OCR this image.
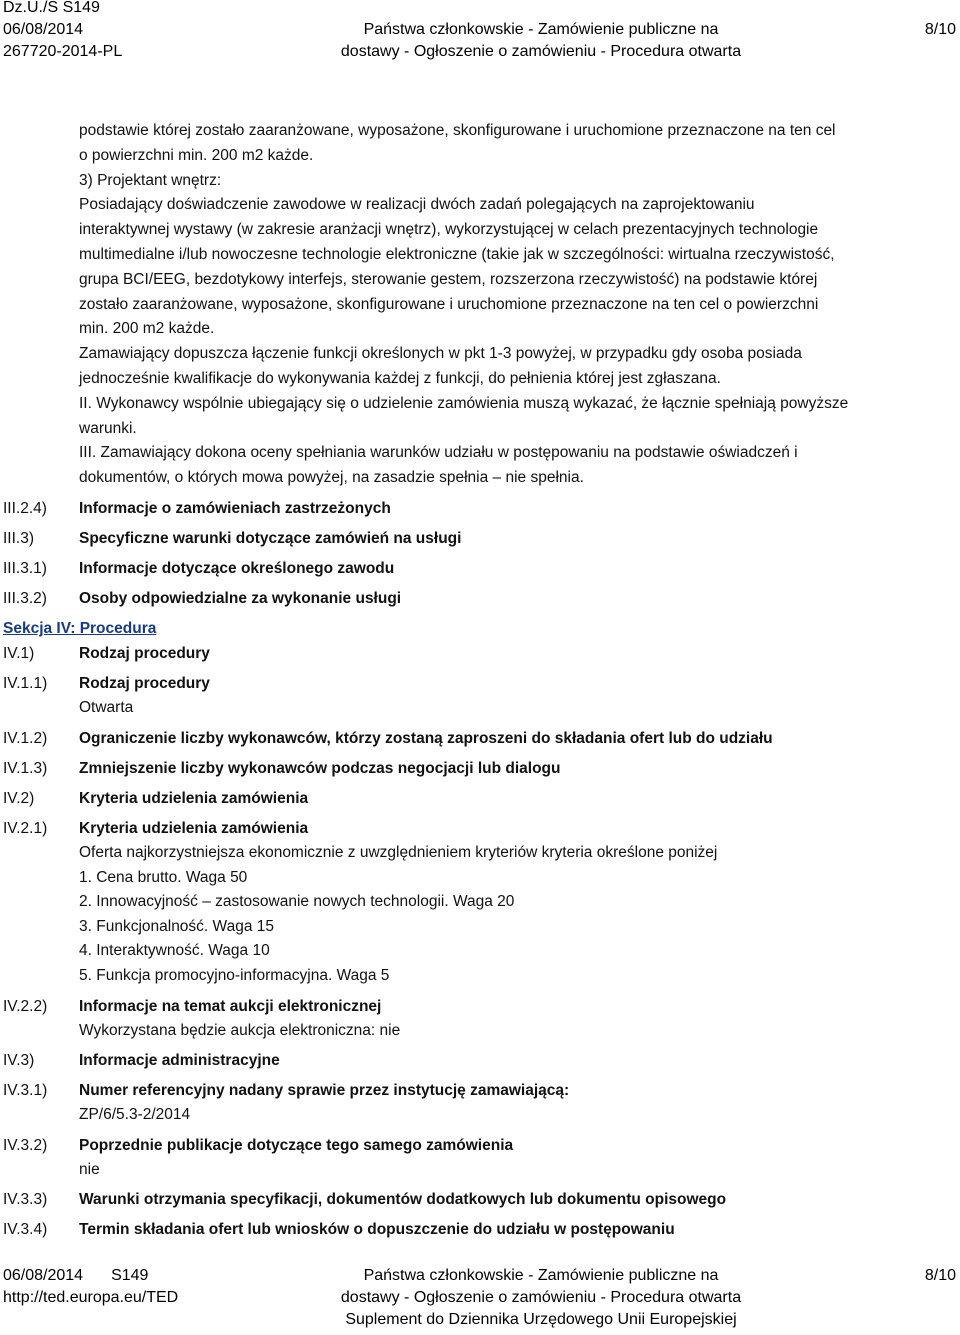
Dz.U./S S149
06/08/2014
267720-2014-PL

Państwa członkowskie - Zamówienie publiczne na
dostawy - Ogłoszenie o zamówieniu - Procedura otwarta

8/10
podstawie której zostało zaaranżowane, wyposażone, skonfigurowane i uruchomione przeznaczone na ten cel
o powierzchni min. 200 m2 każde.
3) Projektant wnętrz:
Posiadający doświadczenie zawodowe w realizacji dwóch zadań polegających na zaprojektowaniu
interaktywnej wystawy (w zakresie aranżacji wnętrz), wykorzystującej w celach prezentacyjnych technologie
multimedialne i/lub nowoczesne technologie elektroniczne (takie jak w szczególności: wirtualna rzeczywistość,
grupa BCI/EEG, bezdotykowy interfejs, sterowanie gestem, rozszerzona rzeczywistość) na podstawie której
zostało zaaranżowane, wyposażone, skonfigurowane i uruchomione przeznaczone na ten cel o powierzchni
min. 200 m2 każde.
Zamawiający dopuszcza łączenie funkcji określonych w pkt 1-3 powyżej, w przypadku gdy osoba posiada
jednocześnie kwalifikacje do wykonywania każdej z funkcji, do pełnienia której jest zgłaszana.
II. Wykonawcy wspólnie ubiegający się o udzielenie zamówienia muszą wykazać, że łącznie spełniają powyższe
warunki.
III. Zamawiający dokona oceny spełniania warunków udziału w postępowaniu na podstawie oświadczeń i
dokumentów, o których mowa powyżej, na zasadzie spełnia – nie spełnia.
III.2.4) Informacje o zamówieniach zastrzeżonych
III.3)	Specyficzne warunki dotyczące zamówień na usługi
III.3.1) Informacje dotyczące określonego zawodu
III.3.2) Osoby odpowiedzialne za wykonanie usługi
Sekcja IV: Procedura
IV.1)	Rodzaj procedury
IV.1.1) Rodzaj procedury
Otwarta
IV.1.2) Ograniczenie liczby wykonawców, którzy zostaną zaproszeni do składania ofert lub do udziału
IV.1.3) Zmniejszenie liczby wykonawców podczas negocjacji lub dialogu
IV.2)	Kryteria udzielenia zamówienia
IV.2.1) Kryteria udzielenia zamówienia
Oferta najkorzystniejsza ekonomicznie z uwzględnieniem kryteriów kryteria określone poniżej
1. Cena brutto. Waga 50
2. Innowacyjność – zastosowanie nowych technologii. Waga 20
3. Funkcjonalność. Waga 15
4. Interaktywność. Waga 10
5. Funkcja promocyjno-informacyjna. Waga 5
IV.2.2) Informacje na temat aukcji elektronicznej
Wykorzystana będzie aukcja elektroniczna: nie
IV.3)	Informacje administracyjne
IV.3.1) Numer referencyjny nadany sprawie przez instytucję zamawiającą:
ZP/6/5.3-2/2014
IV.3.2) Poprzednie publikacje dotyczące tego samego zamówienia
nie
IV.3.3) Warunki otrzymania specyfikacji, dokumentów dodatkowych lub dokumentu opisowego
IV.3.4) Termin składania ofert lub wniosków o dopuszczenie do udziału w postępowaniu
06/08/2014 S149
http://ted.europa.eu/TED
Państwa członkowskie - Zamówienie publiczne na
dostawy - Ogłoszenie o zamówieniu - Procedura otwarta
Suplement do Dziennika Urzędowego Unii Europejskiej
8/10
